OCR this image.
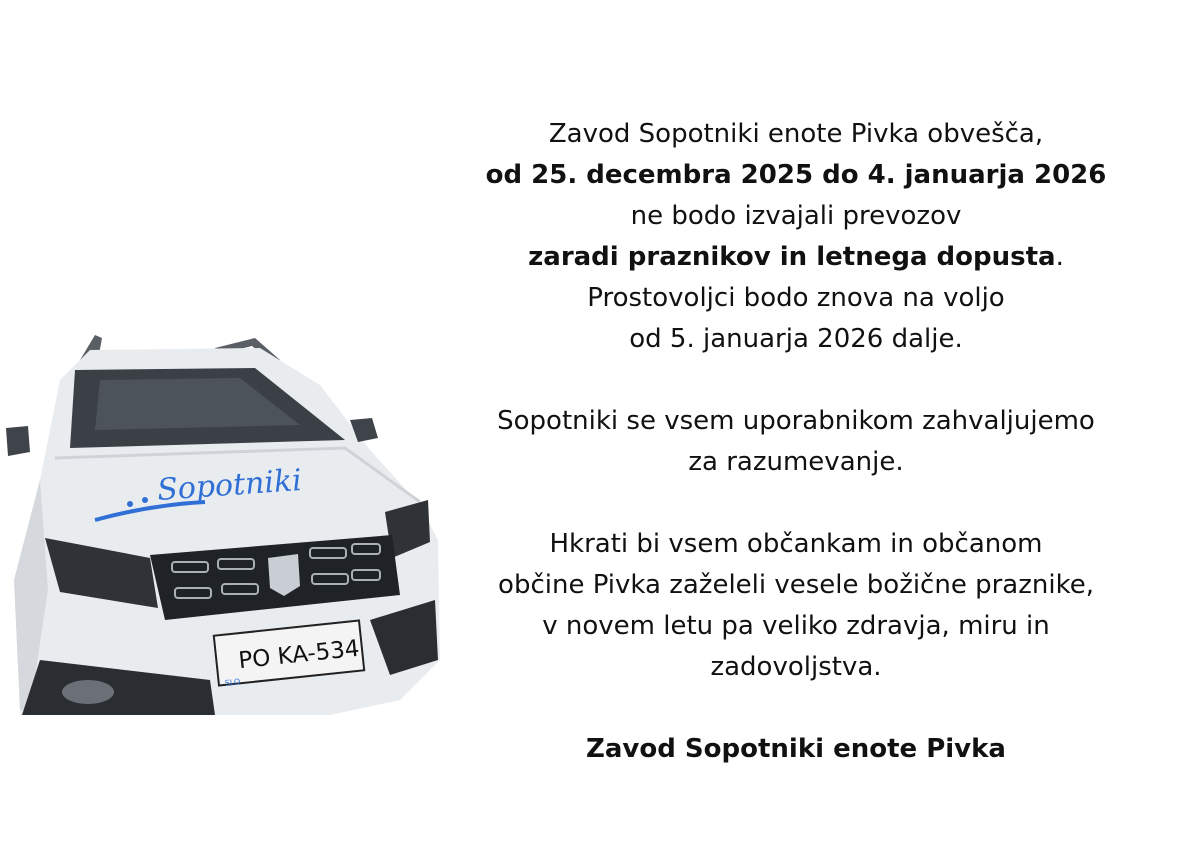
Sopotniki
SLO
PO KA-534

Zavod Sopotniki enote Pivka obvešča,

od 25. decembra 2025 do 4. januarja 2026

ne bodo izvajali prevozov

zaradi praznikov in letnega dopusta.

Prostovoljci bodo znova na voljo

od 5. januarja 2026 dalje.

Sopotniki se vsem uporabnikom zahvaljujemo

za razumevanje.

Hkrati bi vsem občankam in občanom

občine Pivka zaželeli vesele božične praznike,

v novem letu pa veliko zdravja, miru in

zadovoljstva.

Zavod Sopotniki enote Pivka
